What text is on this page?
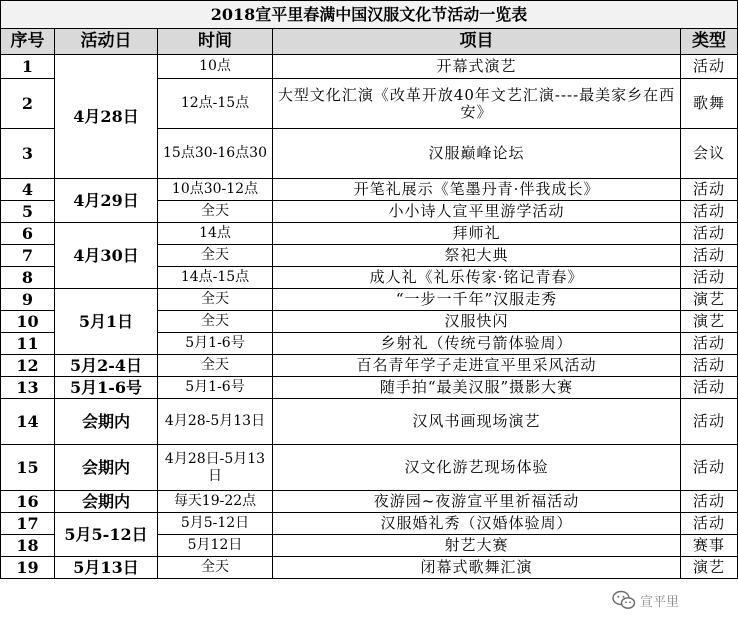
2018宣平里春满中国汉服文化节活动一览表				
序号	活动日	时间	项目	类型
1	4月28日	10点	开幕式演艺	活动
2		12点-15点	大型文化汇演《改革开放40年文艺汇演----最美家乡在西安》	歌舞
3		15点30-16点30	汉服巅峰论坛	会议
4	4月29日	10点30-12点	开笔礼展示《笔墨丹青·伴我成长》	活动
5		全天	小小诗人宣平里游学活动	活动
6	4月30日	14点	拜师礼	活动
7		全天	祭祀大典	活动
8		14点-15点	成人礼《礼乐传家·铭记青春》	活动
9	5月1日	全天	“一步一千年”汉服走秀	演艺
10		全天	汉服快闪	演艺
11		5月1-6号	乡射礼（传统弓箭体验周）	活动
12	5月2-4日	全天	百名青年学子走进宣平里采风活动	活动
13	5月1-6号	5月1-6号	随手拍“最美汉服”摄影大赛	活动
14	会期内	4月28-5月13日	汉风书画现场演艺	活动
15	会期内	4月28日-5月13日	汉文化游艺现场体验	活动
16	会期内	每天19-22点	夜游园~夜游宣平里祈福活动	活动
17	5月5-12日	5月5-12日	汉服婚礼秀（汉婚体验周）	活动
18		5月12日	射艺大赛	赛事
19	5月13日	全天	闭幕式歌舞汇演	演艺
宣平里
